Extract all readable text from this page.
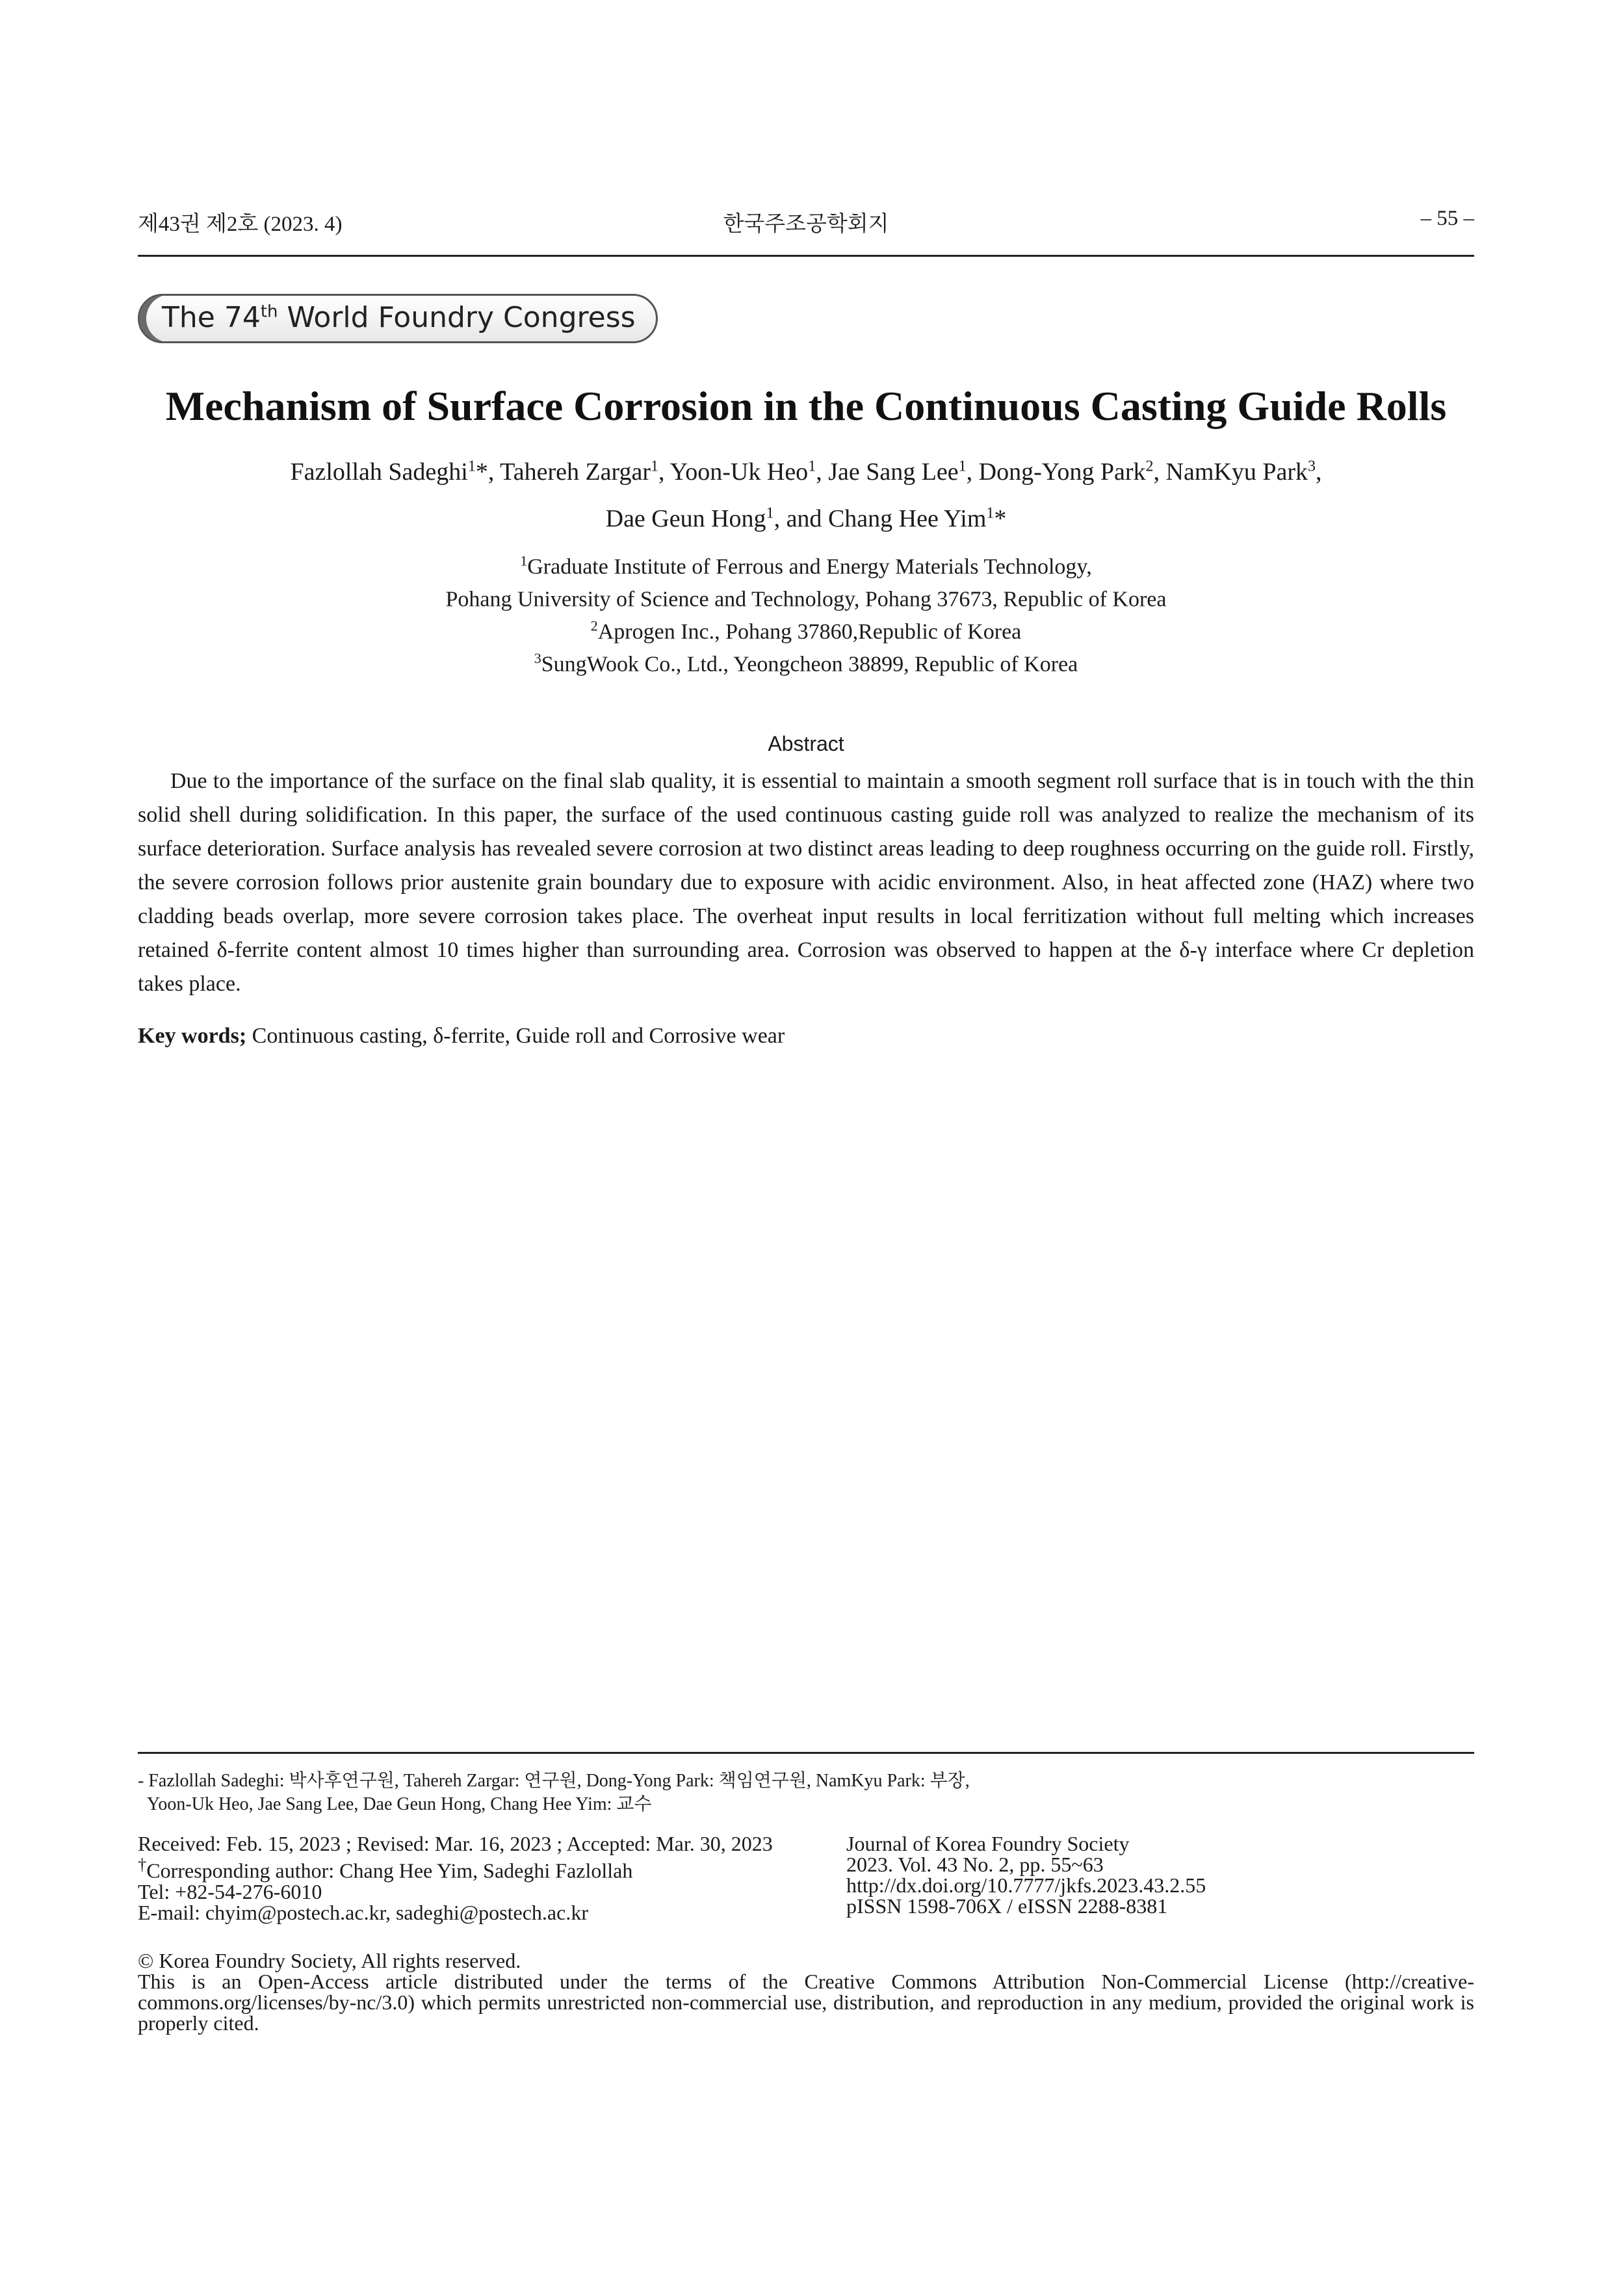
제43권 제2호 (2023. 4)	한국주조공학회지	– 55 –
The 74th World Foundry Congress
Mechanism of Surface Corrosion in the Continuous Casting Guide Rolls
Fazlollah Sadeghi$^1$*, Tahereh Zargar$^1$, Yoon-Uk Heo$^1$, Jae Sang Lee$^1$, Dong-Yong Park$^2$, NamKyu Park$^3$,
Dae Geun Hong$^1$, and Chang Hee Yim$^1$*
$^1$Graduate Institute of Ferrous and Energy Materials Technology,
Pohang University of Science and Technology, Pohang 37673, Republic of Korea
$^2$Aprogen Inc., Pohang 37860,Republic of Korea
$^3$SungWook Co., Ltd., Yeongcheon 38899, Republic of Korea
Abstract

Due to the importance of the surface on the final slab quality, it is essential to maintain a smooth segment roll surface that is in touch with the thin solid shell during solidification. In this paper, the surface of the used continuous casting guide roll was analyzed to realize the mechanism of its surface deterioration. Surface analysis has revealed severe corrosion at two distinct areas leading to deep roughness occurring on the guide roll. Firstly, the severe corrosion follows prior austenite grain boundary due to exposure with acidic environment. Also, in heat affected zone (HAZ) where two cladding beads overlap, more severe corrosion takes place. The overheat input results in local ferritization without full melting which increases retained δ-ferrite content almost 10 times higher than surrounding area. Corrosion was observed to happen at the δ-γ interface where Cr depletion takes place.

Key words; Continuous casting, δ-ferrite, Guide roll and Corrosive wear
- Fazlollah Sadeghi: 박사후연구원, Tahereh Zargar: 연구원, Dong-Yong Park: 책임연구원, NamKyu Park: 부장,
Yoon-Uk Heo, Jae Sang Lee, Dae Geun Hong, Chang Hee Yim: 교수
Received: Feb. 15, 2023 ; Revised: Mar. 16, 2023 ; Accepted: Mar. 30, 2023
†Corresponding author: Chang Hee Yim, Sadeghi Fazlollah
Tel: +82-54-276-6010
E-mail: chyim@postech.ac.kr, sadeghi@postech.ac.kr
Journal of Korea Foundry Society
2023. Vol. 43 No. 2, pp. 55~63
http://dx.doi.org/10.7777/jkfs.2023.43.2.55
pISSN 1598-706X / eISSN 2288-8381
© Korea Foundry Society, All rights reserved.

This is an Open-Access article distributed under the terms of the Creative Commons Attribution Non-Commercial License (http://creative-commons.org/licenses/by-nc/3.0) which permits unrestricted non-commercial use, distribution, and reproduction in any medium, provided the original work is properly cited.
